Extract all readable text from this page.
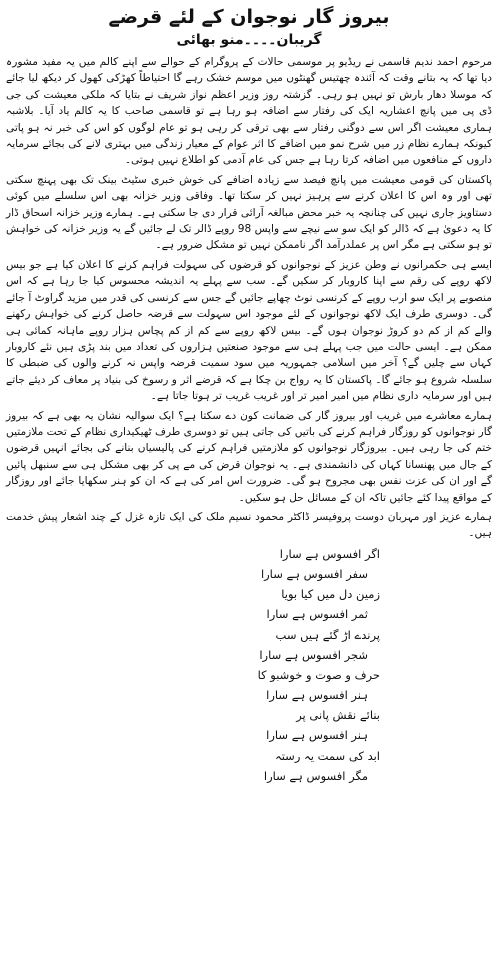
بیروز گار نوجوان کے لئے قرضے
گریبان۔۔۔۔منو بھائی

مرحوم احمد ندیم قاسمی نے ریڈیو پر موسمی حالات کے پروگرام کے حوالے سے اپنے کالم میں یہ مفید مشورہ دیا تھا کہ یہ بتانے وقت کہ آئندہ چھتیس گھنٹوں میں موسم خشک رہے گا احتیاطاً کھڑکی کھول کر دیکھ لیا جائے کہ موسلا دھار بارش تو نہیں ہو رہی۔ گزشتہ روز وزیر اعظم نواز شریف نے بتایا کہ ملکی معیشت کی جی ڈی پی میں پانچ اعشاریہ ایک کی رفتار سے اضافہ ہو رہا ہے تو قاسمی صاحب کا یہ کالم یاد آیا۔ بلاشبہ ہماری معیشت اگر اس سے دوگنی رفتار سے بھی ترقی کر رہی ہو تو عام لوگوں کو اس کی خبر نہ ہو پاتی کیونکہ ہمارے نظام زر میں شرح نمو میں اضافے کا اثر عوام کے معیار زندگی میں بہتری لانے کی بجائے سرمایہ داروں کے منافعوں میں اضافہ کرتا رہا ہے جس کی عام آدمی کو اطلاع نہیں ہوتی۔

پاکستان کی قومی معیشت میں پانچ فیصد سے زیادہ اضافے کی خوش خبری سٹیٹ بینک تک بھی پہنچ سکتی تھی اور وہ اس کا اعلان کرنے سے پرہیز نہیں کر سکتا تھا۔ وفاقی وزیر خزانہ بھی اس سلسلے میں کوئی دستاویز جاری نہیں کی چنانچہ یہ خبر محض مبالغہ آرائی قرار دی جا سکتی ہے۔ ہمارے وزیر خزانہ اسحاق ڈار کا یہ دعویٰ ہے کہ ڈالر کو ایک سو سے نیچے سے واپس 98 روپے ڈالر تک لے جائیں گے یہ وزیر خزانہ کی خواہش تو ہو سکتی ہے مگر اس پر عملدرآمد اگر ناممکن نہیں تو مشکل ضرور ہے۔

ایسے ہی حکمرانوں نے وطن عزیز کے نوجوانوں کو قرضوں کی سہولت فراہم کرنے کا اعلان کیا ہے جو بیس لاکھ روپے کی رقم سے اپنا کاروبار کر سکیں گے۔ سب سے پہلے یہ اندیشہ محسوس کیا جا رہا ہے کہ اس منصوبے پر ایک سو ارب روپے کے کرنسی نوٹ چھاپے جائیں گے جس سے کرنسی کی قدر میں مزید گراوٹ آ جائے گی۔ دوسری طرف ایک لاکھ نوجوانوں کے لئے موجود اس سہولت سے قرضہ حاصل کرنے کی خواہش رکھنے والے کم از کم دو کروڑ نوجوان ہوں گے۔ بیس لاکھ روپے سے کم از کم پچاس ہزار روپے ماہانہ کمائی ہی ممکن ہے۔ ایسی حالت میں جب پہلے ہی سے موجود صنعتیں ہزاروں کی تعداد میں بند پڑی ہیں نئے کاروبار کہاں سے چلیں گے؟ آخر میں اسلامی جمہوریہ میں سود سمیت قرضہ واپس نہ کرنے والوں کی ضبطی کا سلسلہ شروع ہو جائے گا۔ پاکستان کا یہ رواج بن چکا ہے کہ قرضے اثر و رسوخ کی بنیاد پر معاف کر دیئے جاتے ہیں اور سرمایہ داری نظام میں امیر امیر تر اور غریب غریب تر ہوتا جاتا ہے۔

ہمارے معاشرے میں غریب اور بیروز گار کی ضمانت کون دے سکتا ہے؟ ایک سوالیہ نشان یہ بھی ہے کہ بیروز گار نوجوانوں کو روزگار فراہم کرنے کی باتیں کی جاتی ہیں تو دوسری طرف ٹھیکیداری نظام کے تحت ملازمتیں ختم کی جا رہی ہیں۔ بیروزگار نوجوانوں کو ملازمتیں فراہم کرنے کی پالیسیاں بنانے کی بجائے انہیں قرضوں کے جال میں پھنسانا کہاں کی دانشمندی ہے۔ یہ نوجوان قرض کی مے پی کر بھی مشکل ہی سے سنبھل پائیں گے اور ان کی عزت نفس بھی مجروح ہو گی۔ ضرورت اس امر کی ہے کہ ان کو ہنر سکھایا جائے اور روزگار کے مواقع پیدا کئے جائیں تاکہ ان کے مسائل حل ہو سکیں۔

ہمارے عزیز اور مہربان دوست پروفیسر ڈاکٹر محمود نسیم ملک کی ایک تازہ غزل کے چند اشعار پیش خدمت ہیں۔

اگر افسوس ہے سارا
سفر افسوس ہے سارا
زمین دل میں کیا بویا
ثمر افسوس ہے سارا
پرندے اڑ گئے ہیں سب
شجر افسوس ہے سارا
حرف و صوت و خوشبو کا
ہنر افسوس ہے سارا
بنائے نقش پانی پر
ہنر افسوس ہے سارا
ابد کی سمت یہ رستہ
مگر افسوس ہے سارا
